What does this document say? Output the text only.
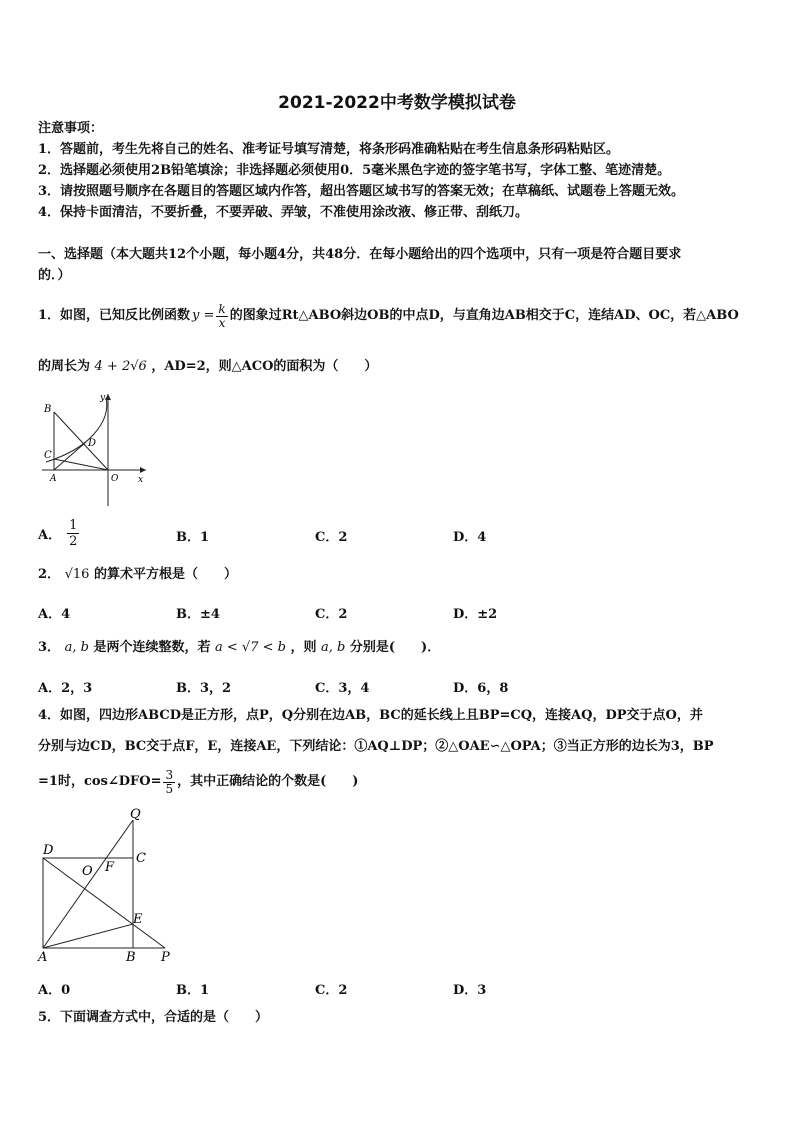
2021-2022中考数学模拟试卷
注意事项：
1．答题前，考生先将自己的姓名、准考证号填写清楚，将条形码准确粘贴在考生信息条形码粘贴区。
2．选择题必须使用2B铅笔填涂；非选择题必须使用0．5毫米黑色字迹的签字笔书写，字体工整、笔迹清楚。
3．请按照题号顺序在各题目的答题区域内作答，超出答题区域书写的答案无效；在草稿纸、试题卷上答题无效。
4．保持卡面清洁，不要折叠，不要弄破、弄皱，不准使用涂改液、修正带、刮纸刀。
一、选择题（本大题共12个小题，每小题4分，共48分．在每小题给出的四个选项中，只有一项是符合题目要求
的．）
1．如图，已知反比例函数 $y = \frac{k}{x}$ 的图象过Rt△ABO斜边OB的中点D，与直角边AB相交于C，连结AD、OC，若△ABO
的周长为 4 + 2√6 ，AD=2，则△ACO的面积为（　　）
B
C
D
A	O x
y
A． $\frac{1}{2}$	B．1	C．2	D．4
2． √16 的算术平方根是（　　）
A．4	B．±4	C．2	D．±2
3． a, b 是两个连续整数，若 a < √7 < b ，则 a, b 分别是(　　)．
A．2，3	B．3，2	C．3，4	D．6，8
4．如图，四边形ABCD是正方形，点P，Q分别在边AB，BC的延长线上且BP=CQ，连接AQ，DP交于点O，并
分别与边CD，BC交于点F，E，连接AE，下列结论：①AQ⊥DP；②△OAE∽△OPA；③当正方形的边长为3，BP
=1时，cos∠DFO= $\frac{3}{5}$ ，其中正确结论的个数是(　　)
Q
D
C
F
O
E
A	B P
A．0	B．1	C．2	D．3
5．下面调查方式中，合适的是（　　）
